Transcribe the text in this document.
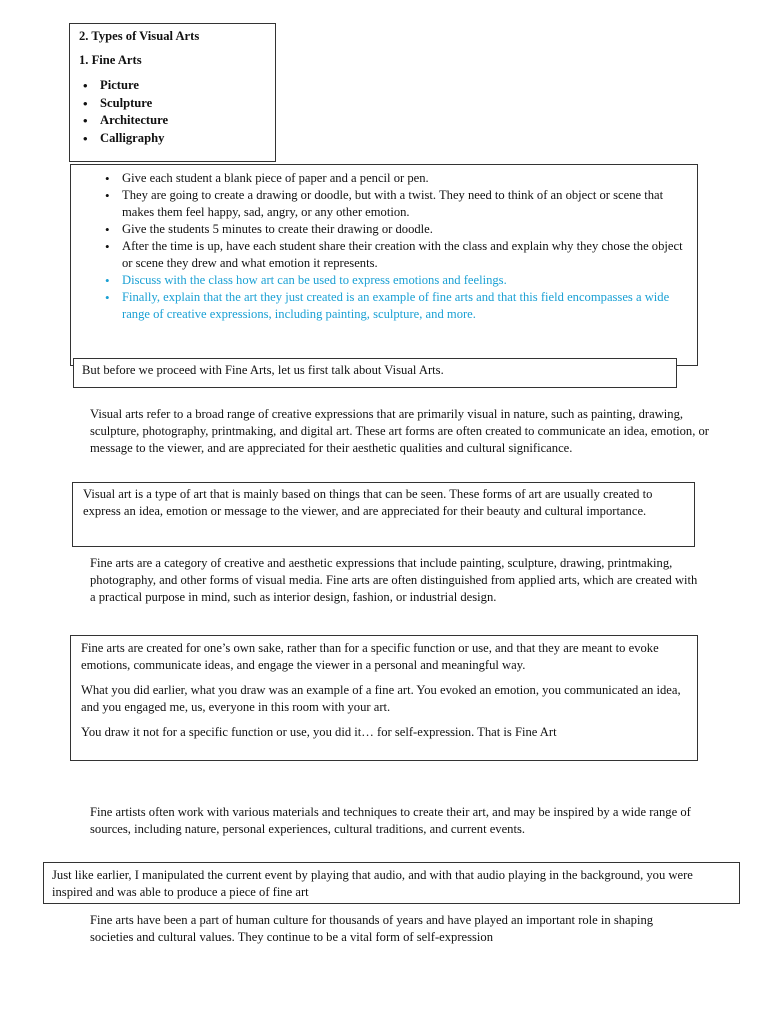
2. Types of Visual Arts

1. Fine Arts

• Picture
• Sculpture
• Architecture
• Calligraphy
• Give each student a blank piece of paper and a pencil or pen.
• They are going to create a drawing or doodle, but with a twist. They need to think of an object or scene that makes them feel happy, sad, angry, or any other emotion.
• Give the students 5 minutes to create their drawing or doodle.
• After the time is up, have each student share their creation with the class and explain why they chose the object or scene they drew and what emotion it represents.
• Discuss with the class how art can be used to express emotions and feelings.
• Finally, explain that the art they just created is an example of fine arts and that this field encompasses a wide range of creative expressions, including painting, sculpture, and more.

But before we proceed with Fine Arts, let us first talk about Visual Arts.

Visual arts refer to a broad range of creative expressions that are primarily visual in nature, such as painting, drawing, sculpture, photography, printmaking, and digital art. These art forms are often created to communicate an idea, emotion, or message to the viewer, and are appreciated for their aesthetic qualities and cultural significance.

Visual art is a type of art that is mainly based on things that can be seen. These forms of art are usually created to express an idea, emotion or message to the viewer, and are appreciated for their beauty and cultural importance.

Fine arts are a category of creative and aesthetic expressions that include painting, sculpture, drawing, printmaking, photography, and other forms of visual media. Fine arts are often distinguished from applied arts, which are created with a practical purpose in mind, such as interior design, fashion, or industrial design.

Fine arts are created for one’s own sake, rather than for a specific function or use, and that they are meant to evoke emotions, communicate ideas, and engage the viewer in a personal and meaningful way.

What you did earlier, what you draw was an example of a fine art. You evoked an emotion, you communicated an idea, and you engaged me, us, everyone in this room with your art.

You draw it not for a specific function or use, you did it… for self-expression. That is Fine Art

Fine artists often work with various materials and techniques to create their art, and may be inspired by a wide range of sources, including nature, personal experiences, cultural traditions, and current events.

Just like earlier, I manipulated the current event by playing that audio, and with that audio playing in the background, you were inspired and was able to produce a piece of fine art

Fine arts have been a part of human culture for thousands of years and have played an important role in shaping societies and cultural values. They continue to be a vital form of self-expression
